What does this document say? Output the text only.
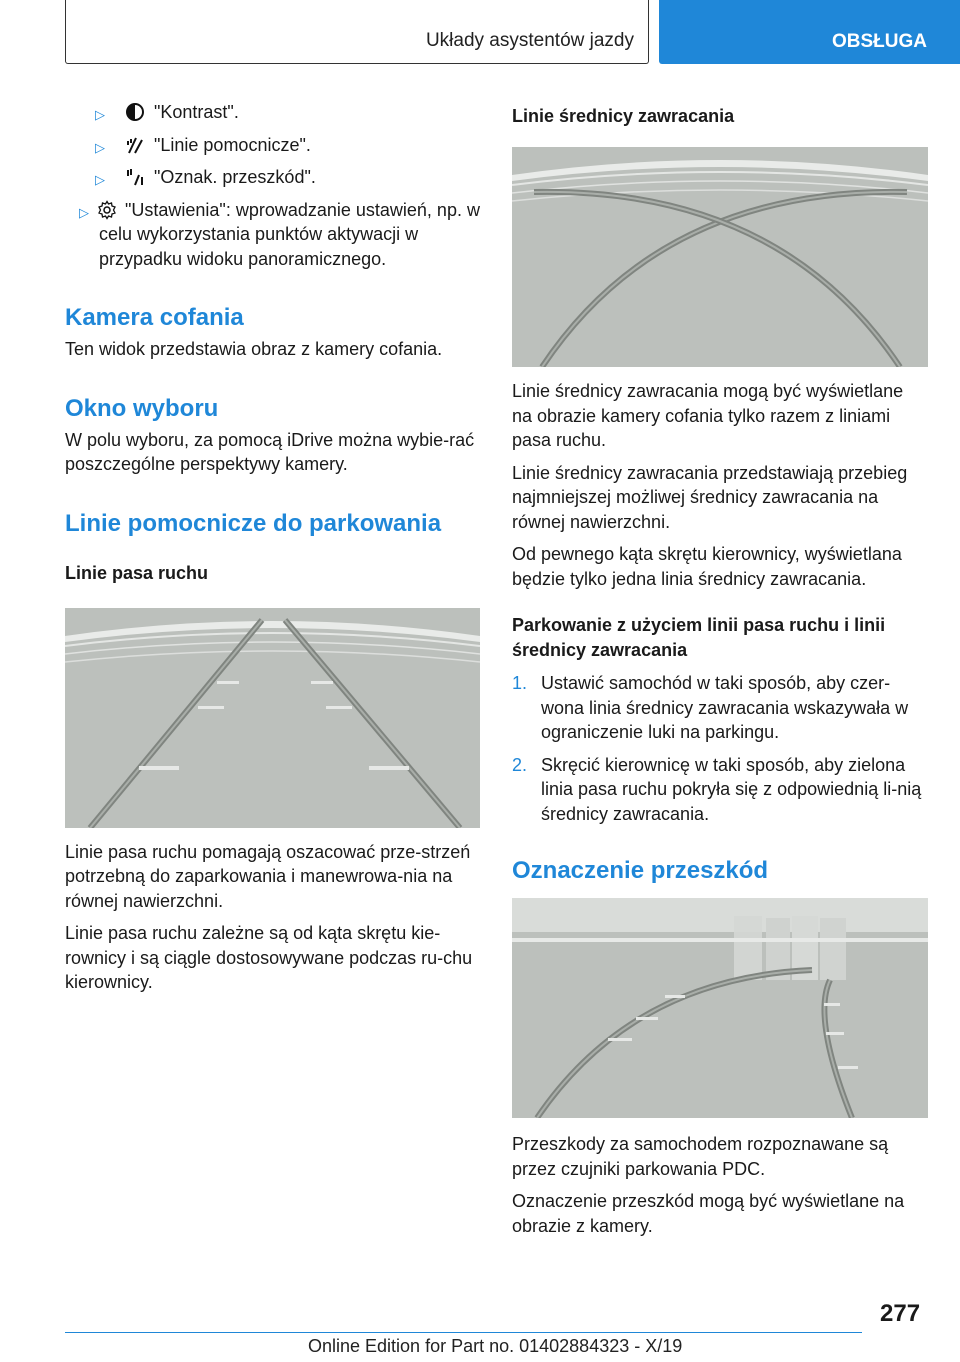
Układy asystentów jazdy	OBSŁUGA
▷	"Kontrast".
▷	"Linie pomocnicze".
▷	"Oznak. przeszkód".
▷	"Ustawienia": wprowadzanie ustawień, np. w celu wykorzystania punktów aktywacji w przypadku widoku panoramicznego.
Kamera cofania

Ten widok przedstawia obraz z kamery cofania.

Okno wyboru

W polu wyboru, za pomocą iDrive można wybie‐rać poszczególne perspektywy kamery.

Linie pomocnicze do parkowania
Linie pasa ruchu

Linie pasa ruchu pomagają oszacować prze‐strzeń potrzebną do zaparkowania i manewrowa‐nia na równej nawierzchni.

Linie pasa ruchu zależne są od kąta skrętu kie‐rownicy i są ciągle dostosowywane podczas ru‐chu kierownicy.

Linie średnicy zawracania

Linie średnicy zawracania mogą być wyświetlane na obrazie kamery cofania tylko razem z liniami pasa ruchu.

Linie średnicy zawracania przedstawiają przebieg najmniejszej możliwej średnicy zawracania na równej nawierzchni.

Od pewnego kąta skrętu kierownicy, wyświetlana będzie tylko jedna linia średnicy zawracania.

Parkowanie z użyciem linii pasa ruchu i linii średnicy zawracania
1. Ustawić samochód w taki sposób, aby czer‐wona linia średnicy zawracania wskazywała w ograniczenie luki na parkingu.
2. Skręcić kierownicę w taki sposób, aby zielona linia pasa ruchu pokryła się z odpowiednią li‐nią średnicy zawracania.
Oznaczenie przeszkód

Przeszkody za samochodem rozpoznawane są przez czujniki parkowania PDC.

Oznaczenie przeszkód mogą być wyświetlane na obrazie z kamery.

277
Online Edition for Part no. 01402884323 - X/19
